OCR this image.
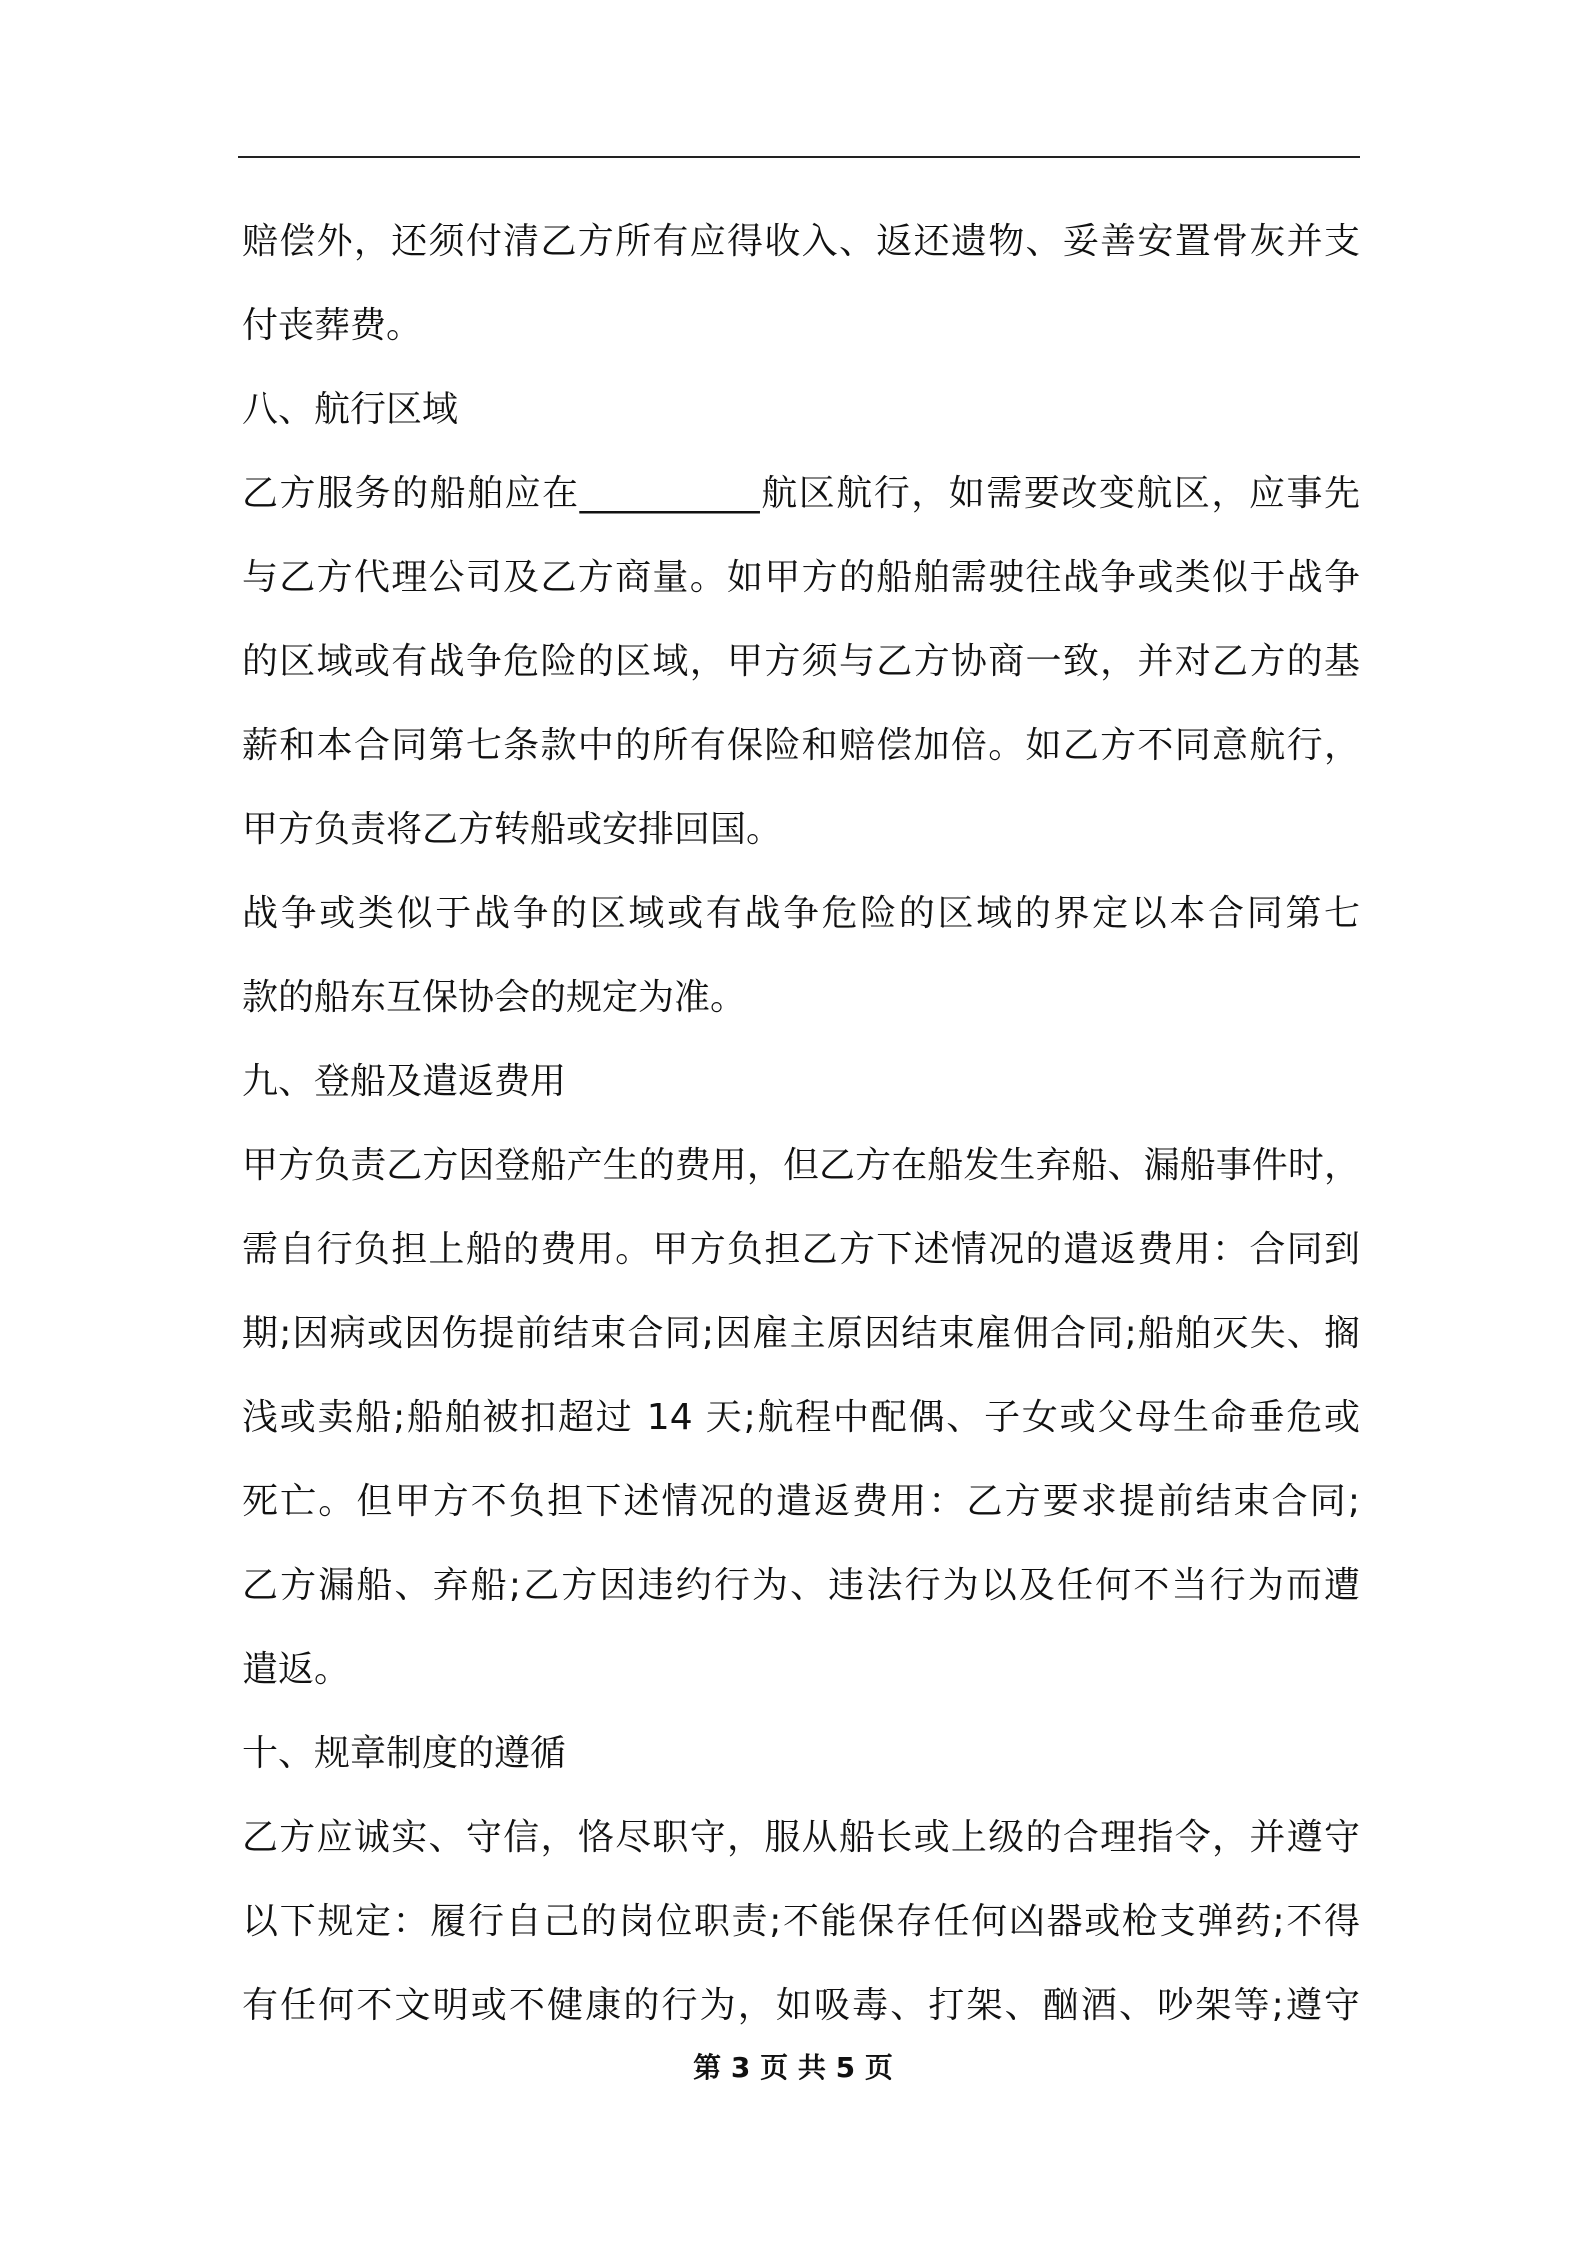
赔偿外，还须付清乙方所有应得收入、返还遗物、妥善安置骨灰并支
付丧葬费。
八、航行区域
乙方服务的船舶应在__________航区航行，如需要改变航区，应事先
与乙方代理公司及乙方商量。如甲方的船舶需驶往战争或类似于战争
的区域或有战争危险的区域，甲方须与乙方协商一致，并对乙方的基
薪和本合同第七条款中的所有保险和赔偿加倍。如乙方不同意航行，
甲方负责将乙方转船或安排回国。
战争或类似于战争的区域或有战争危险的区域的界定以本合同第七
款的船东互保协会的规定为准。
九、登船及遣返费用
甲方负责乙方因登船产生的费用，但乙方在船发生弃船、漏船事件时，
需自行负担上船的费用。甲方负担乙方下述情况的遣返费用：合同到
期;因病或因伤提前结束合同;因雇主原因结束雇佣合同;船舶灭失、搁
浅或卖船;船舶被扣超过 14 天;航程中配偶、子女或父母生命垂危或
死亡。但甲方不负担下述情况的遣返费用：乙方要求提前结束合同;
乙方漏船、弃船;乙方因违约行为、违法行为以及任何不当行为而遭
遣返。
十、规章制度的遵循
乙方应诚实、守信，恪尽职守，服从船长或上级的合理指令，并遵守
以下规定：履行自己的岗位职责;不能保存任何凶器或枪支弹药;不得
有任何不文明或不健康的行为，如吸毒、打架、酗酒、吵架等;遵守
第 3 页 共 5 页
